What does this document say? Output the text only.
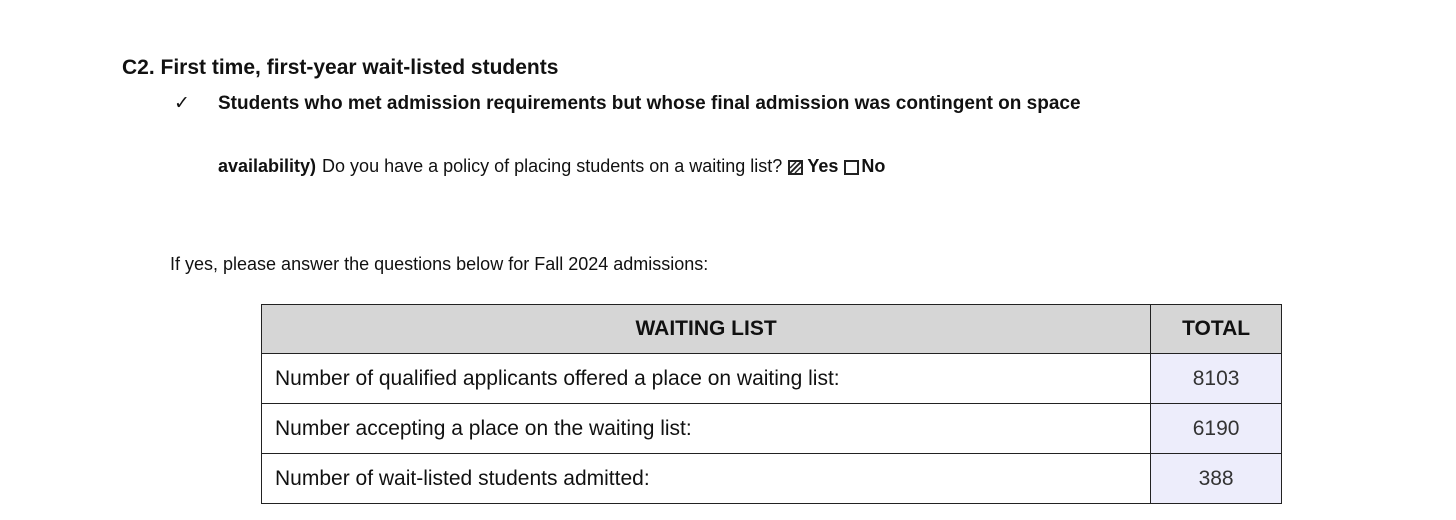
C2. First time, first-year wait-listed students
✓ Students who met admission requirements but whose final admission was contingent on space
availability) Do you have a policy of placing students on a waiting list? Yes No
If yes, please answer the questions below for Fall 2024 admissions:
WAITING LIST	TOTAL
Number of qualified applicants offered a place on waiting list:	8103
Number accepting a place on the waiting list:	6190
Number of wait-listed students admitted:	388
